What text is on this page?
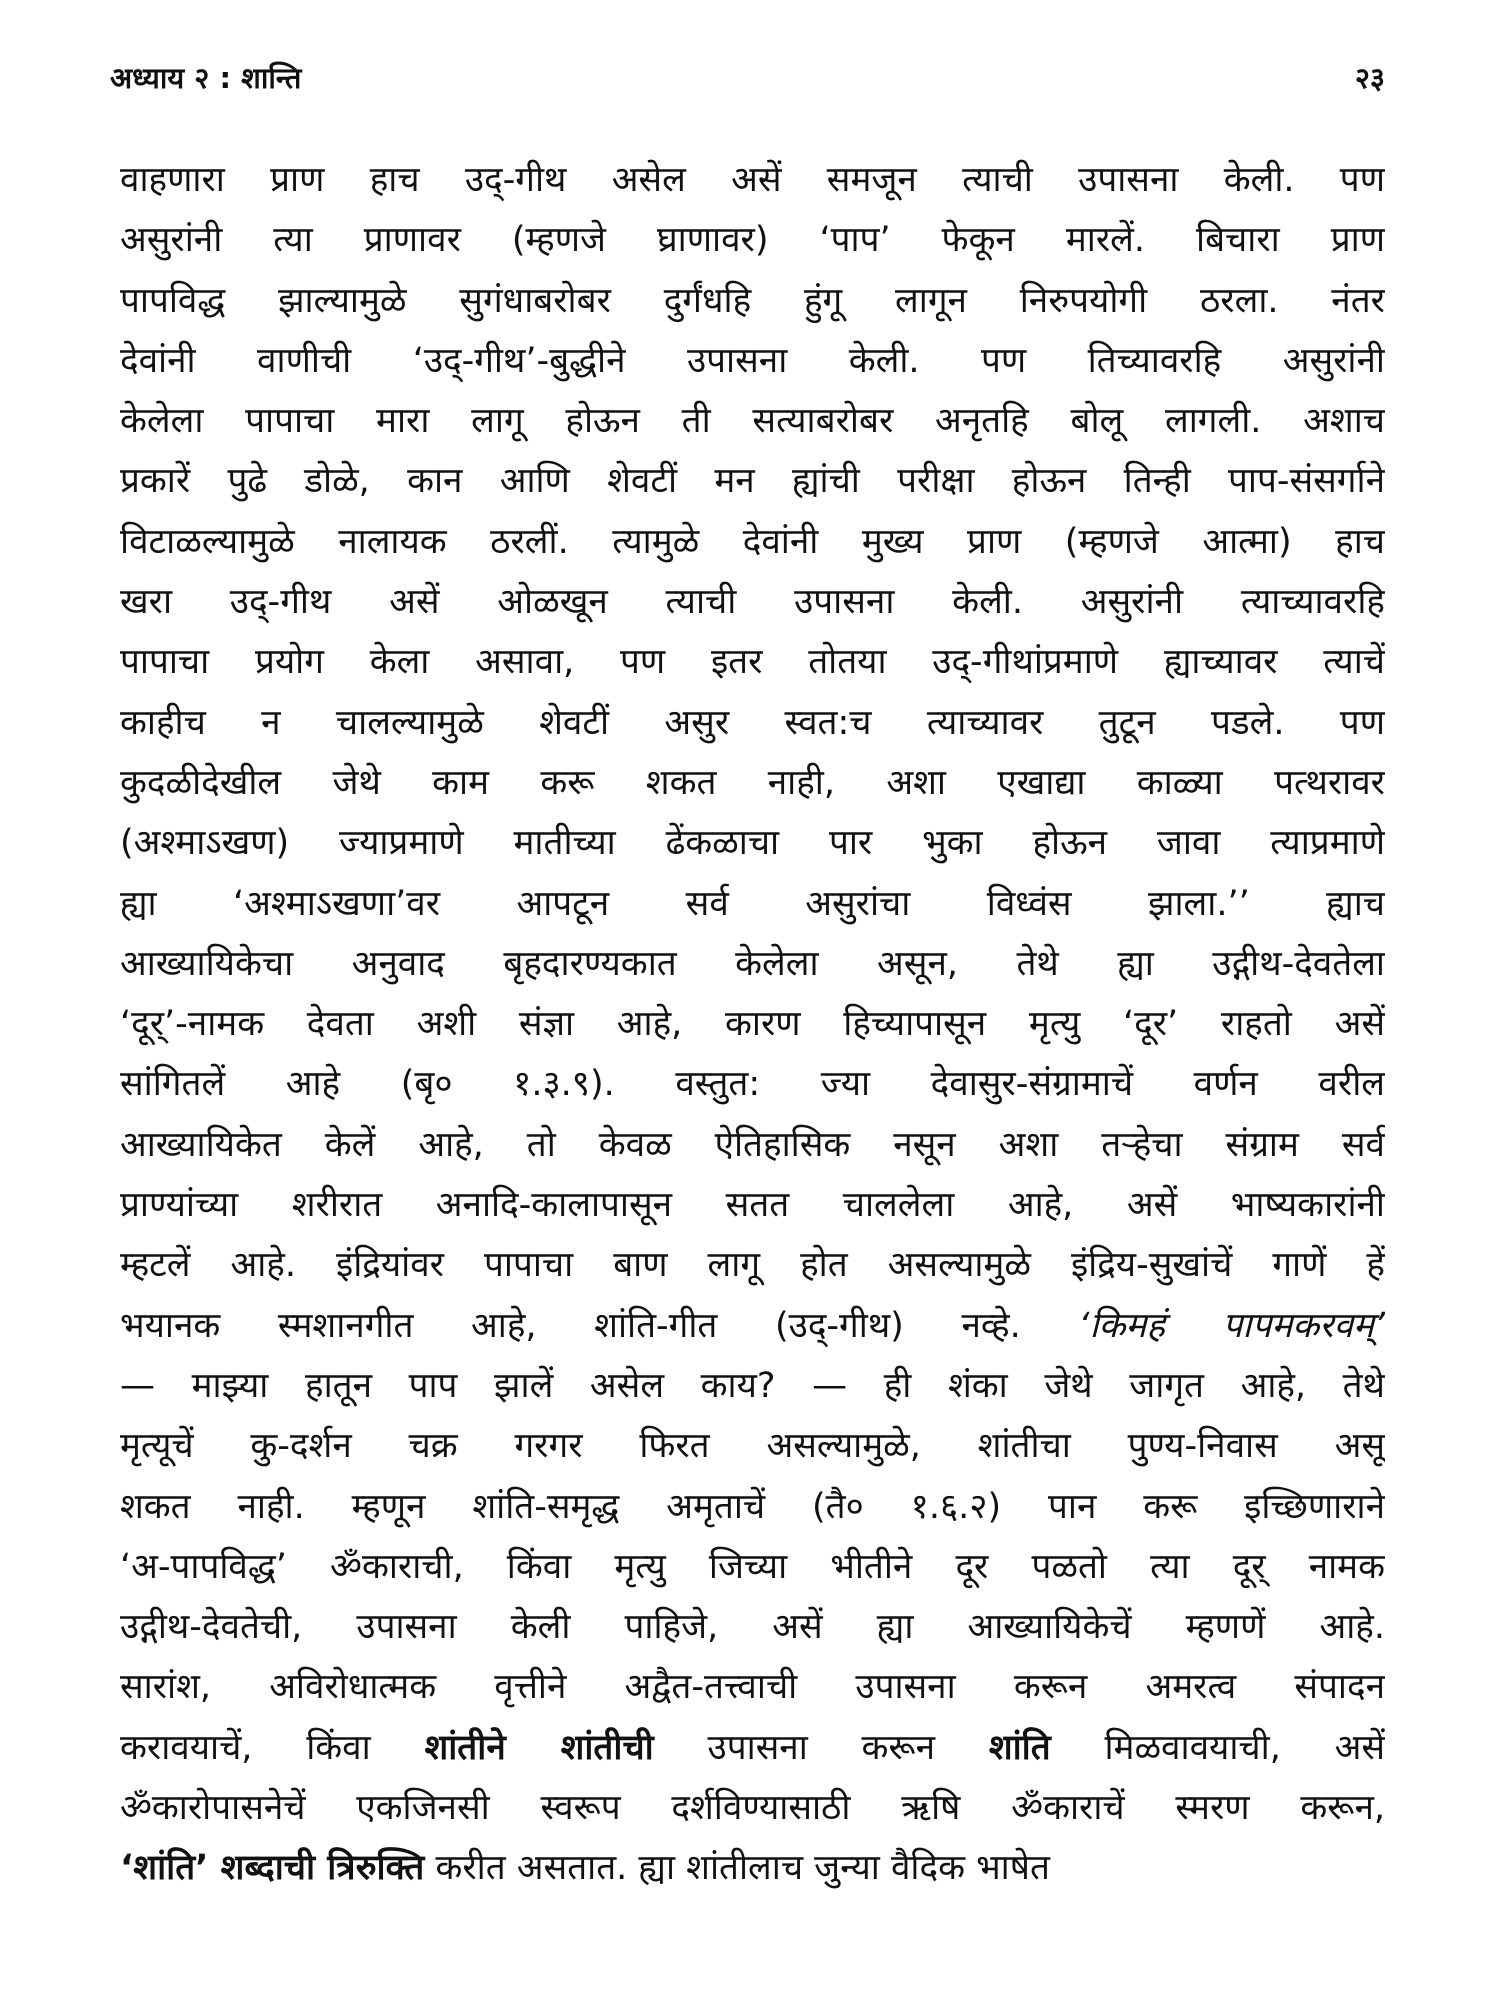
अध्याय २ : शान्ति	२३
वाहणारा प्राण हाच उद्-गीथ असेल असें समजून त्याची उपासना केली. पण
असुरांनी त्या प्राणावर (म्हणजे घ्राणावर) ‘पाप’ फेकून मारलें. बिचारा प्राण
पापविद्ध झाल्यामुळे सुगंधाबरोबर दुर्गंधहि हुंगू लागून निरुपयोगी ठरला. नंतर
देवांनी वाणीची ‘उद्-गीथ’-बुद्धीने उपासना केली. पण तिच्यावरहि असुरांनी
केलेला पापाचा मारा लागू होऊन ती सत्याबरोबर अनृतहि बोलू लागली. अशाच
प्रकारें पुढे डोळे, कान आणि शेवटीं मन ह्यांची परीक्षा होऊन तिन्ही पाप-संसर्गाने
विटाळल्यामुळे नालायक ठरलीं. त्यामुळे देवांनी मुख्य प्राण (म्हणजे आत्मा) हाच
खरा उद्-गीथ असें ओळखून त्याची उपासना केली. असुरांनी त्याच्यावरहि
पापाचा प्रयोग केला असावा, पण इतर तोतया उद्-गीथांप्रमाणे ह्याच्यावर त्याचें
काहीच न चालल्यामुळे शेवटीं असुर स्वत:च त्याच्यावर तुटून पडले. पण
कुदळीदेखील जेथे काम करू शकत नाही, अशा एखाद्या काळ्या पत्थरावर
(अश्माऽखण) ज्याप्रमाणे मातीच्या ढेंकळाचा पार भुका होऊन जावा त्याप्रमाणे
ह्या ‘अश्माऽखणा’वर आपटून सर्व असुरांचा विध्वंस झाला.’’ ह्याच
आख्यायिकेचा अनुवाद बृहदारण्यकात केलेला असून, तेथे ह्या उद्गीथ-देवतेला
‘दूर्’-नामक देवता अशी संज्ञा आहे, कारण हिच्यापासून मृत्यु ‘दूर’ राहतो असें
सांगितलें आहे (बृ० १.३.९). वस्तुत: ज्या देवासुर-संग्रामाचें वर्णन वरील
आख्यायिकेत केलें आहे, तो केवळ ऐतिहासिक नसून अशा तऱ्हेचा संग्राम सर्व
प्राण्यांच्या शरीरात अनादि-कालापासून सतत चाललेला आहे, असें भाष्यकारांनी
म्हटलें आहे. इंद्रियांवर पापाचा बाण लागू होत असल्यामुळे इंद्रिय-सुखांचें गाणें हें
भयानक स्मशानगीत आहे, शांति-गीत (उद्-गीथ) नव्हे. ‘किमहं पापमकरवम्’
— माझ्या हातून पाप झालें असेल काय? — ही शंका जेथे जागृत आहे, तेथे
मृत्यूचें कु-दर्शन चक्र गरगर फिरत असल्यामुळे, शांतीचा पुण्य-निवास असू
शकत नाही. म्हणून शांति-समृद्ध अमृताचें (तै० १.६.२) पान करू इच्छिणाराने
‘अ-पापविद्ध’ ॐकाराची, किंवा मृत्यु जिच्या भीतीने दूर पळतो त्या दूर् नामक
उद्गीथ-देवतेची, उपासना केली पाहिजे, असें ह्या आख्यायिकेचें म्हणणें आहे.
सारांश, अविरोधात्मक वृत्तीने अद्वैत-तत्त्वाची उपासना करून अमरत्व संपादन
करावयाचें, किंवा शांतीने शांतीची उपासना करून शांति मिळवावयाची, असें
ॐकारोपासनेचें एकजिनसी स्वरूप दर्शविण्यासाठी ऋषि ॐकाराचें स्मरण करून,
‘शांति’ शब्दाची त्रिरुक्ति करीत असतात. ह्या शांतीलाच जुन्या वैदिक भाषेत
